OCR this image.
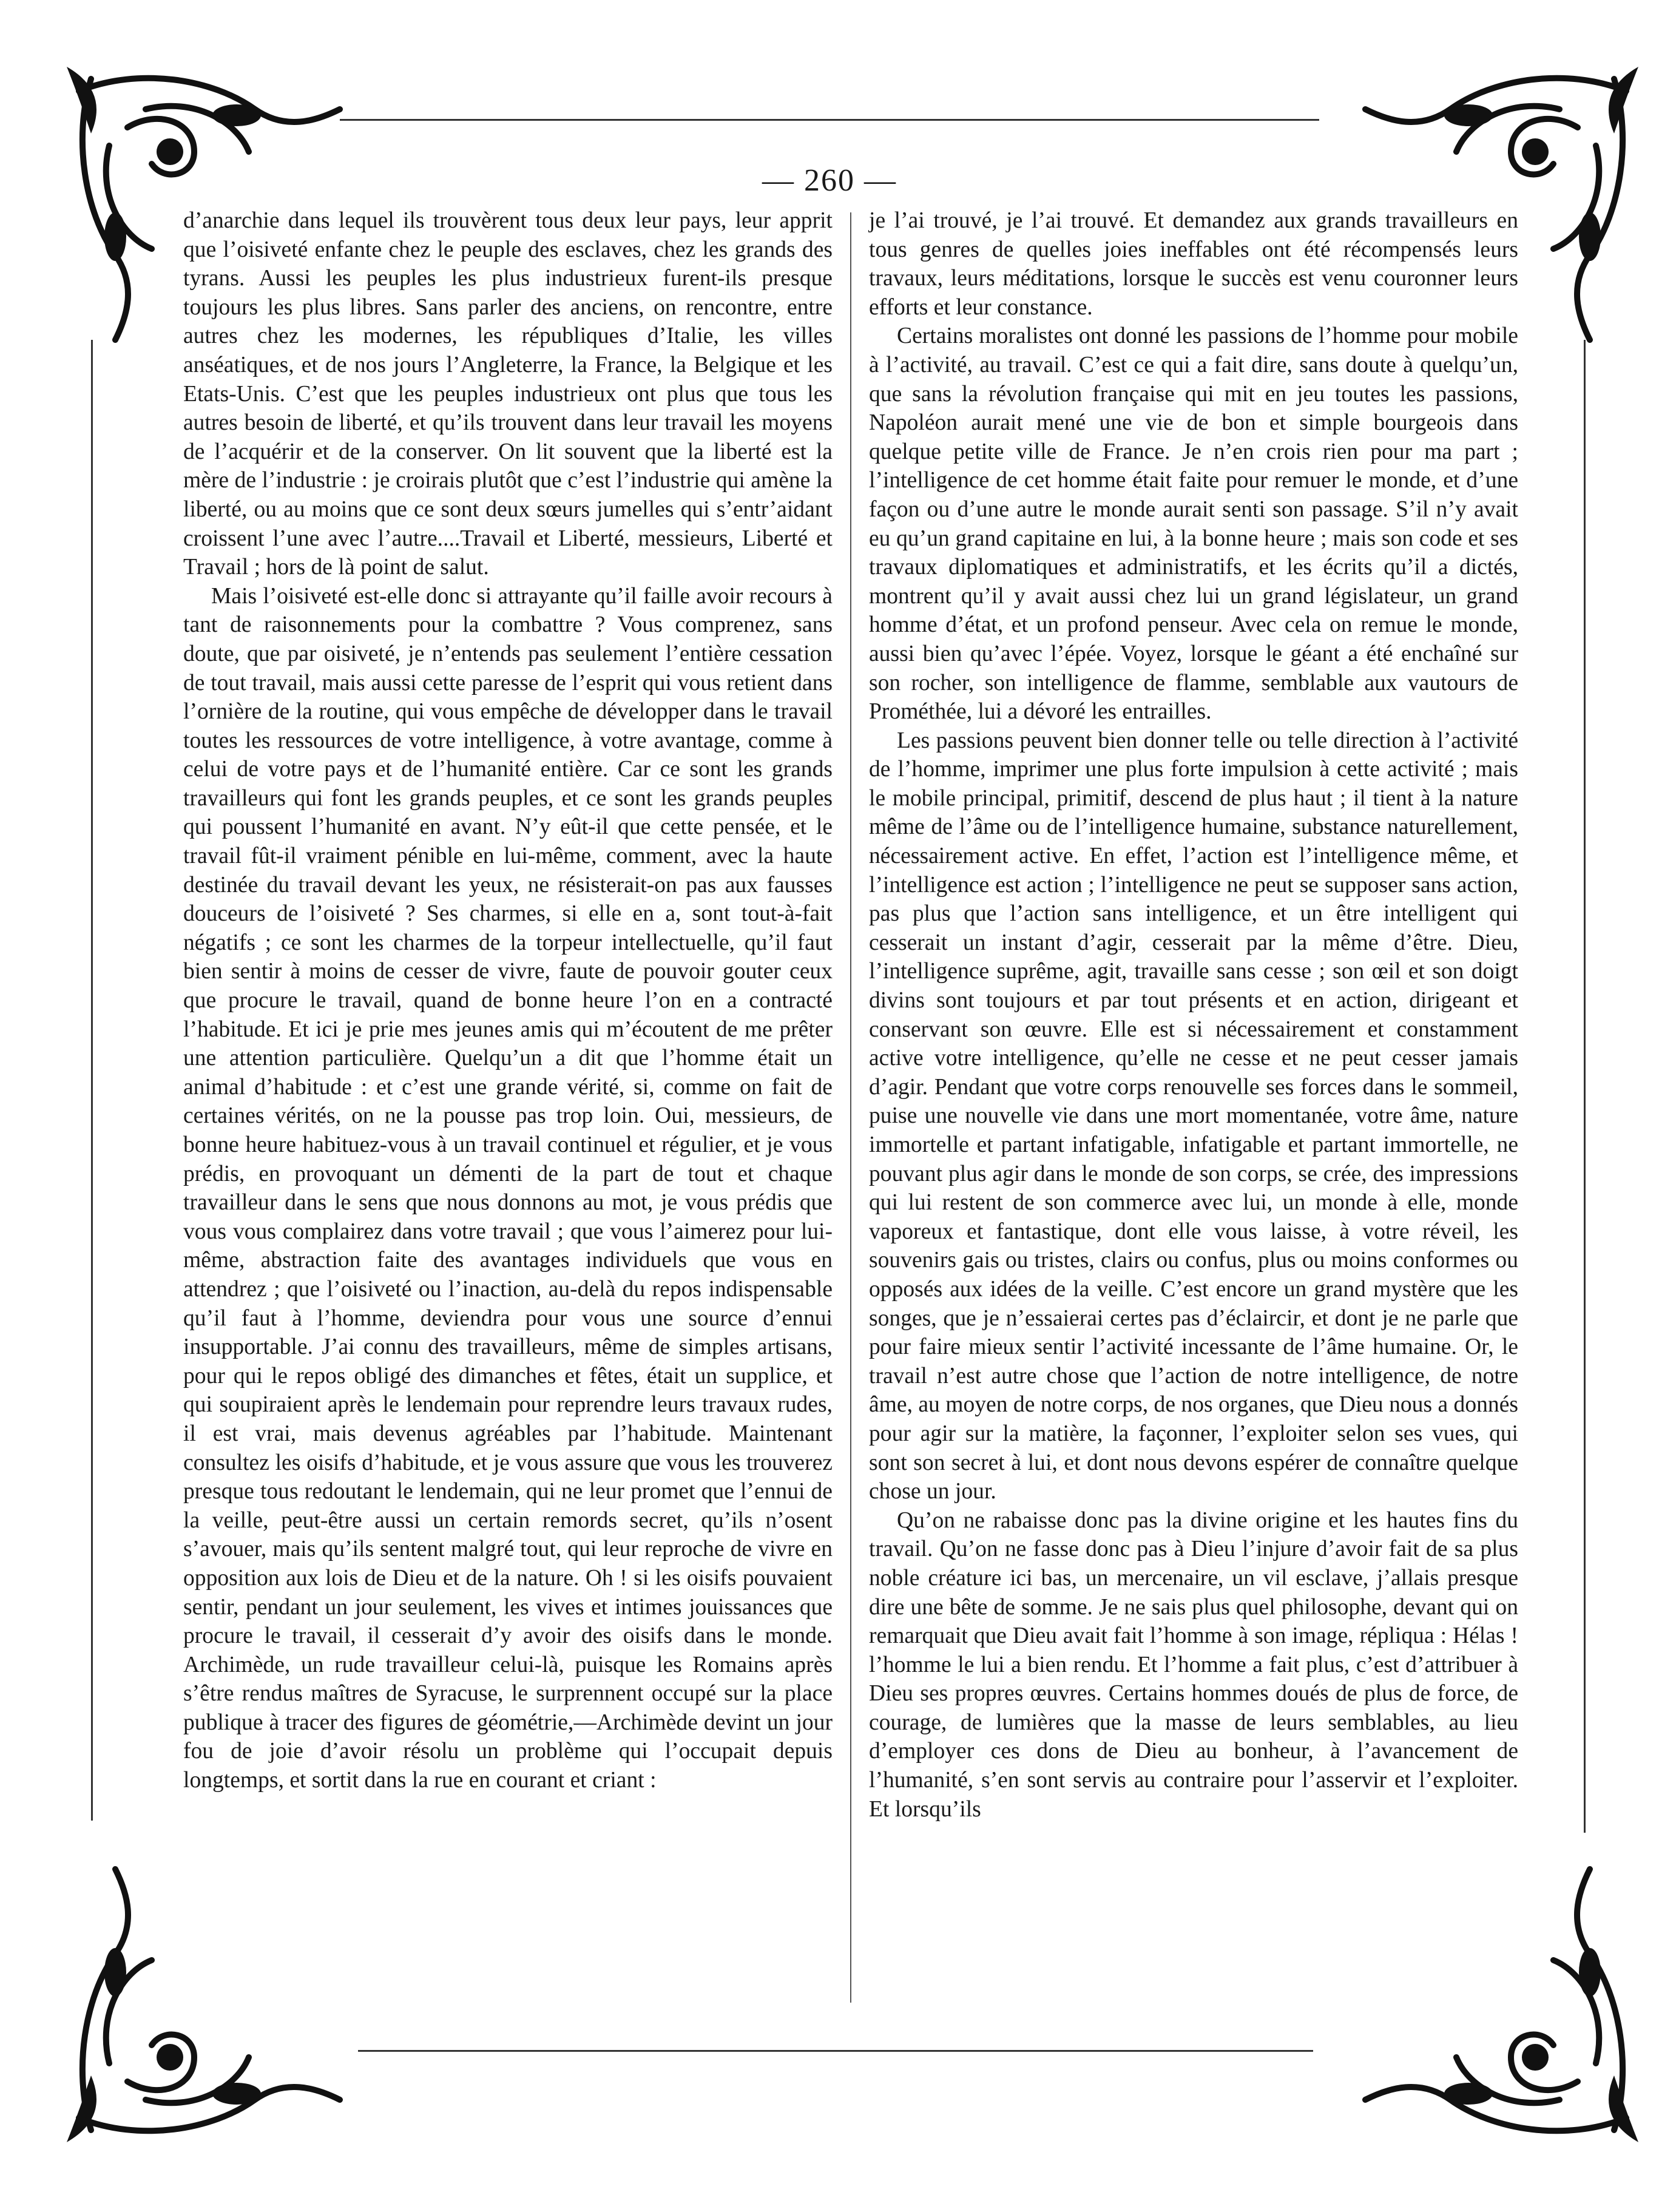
— 260 —

d’anarchie dans lequel ils trouvèrent tous deux leur pays, leur apprit que l’oisiveté enfante chez le peuple des esclaves, chez les grands des tyrans. Aussi les peuples les plus industrieux furent-ils presque toujours les plus libres. Sans parler des anciens, on rencontre, entre autres chez les modernes, les républiques d’Italie, les villes anséatiques, et de nos jours l’Angleterre, la France, la Belgique et les Etats-Unis. C’est que les peuples industrieux ont plus que tous les autres besoin de liberté, et qu’ils trouvent dans leur travail les moyens de l’acquérir et de la conserver. On lit souvent que la liberté est la mère de l’industrie : je croirais plutôt que c’est l’industrie qui amène la liberté, ou au moins que ce sont deux sœurs jumelles qui s’entr’aidant croissent l’une avec l’autre....Travail et Liberté, messieurs, Liberté et Travail ; hors de là point de salut.

Mais l’oisiveté est-elle donc si attrayante qu’il faille avoir recours à tant de raisonnements pour la combattre ? Vous comprenez, sans doute, que par oisiveté, je n’entends pas seulement l’entière cessation de tout travail, mais aussi cette paresse de l’esprit qui vous retient dans l’ornière de la routine, qui vous empêche de développer dans le travail toutes les ressources de votre intelligence, à votre avantage, comme à celui de votre pays et de l’humanité entière. Car ce sont les grands travailleurs qui font les grands peuples, et ce sont les grands peuples qui poussent l’humanité en avant. N’y eût-il que cette pensée, et le travail fût-il vraiment pénible en lui-même, comment, avec la haute destinée du travail devant les yeux, ne résisterait-on pas aux fausses douceurs de l’oisiveté ? Ses charmes, si elle en a, sont tout-à-fait négatifs ; ce sont les charmes de la torpeur intellectuelle, qu’il faut bien sentir à moins de cesser de vivre, faute de pouvoir gouter ceux que procure le travail, quand de bonne heure l’on en a contracté l’habitude. Et ici je prie mes jeunes amis qui m’écoutent de me prêter une attention particulière. Quelqu’un a dit que l’homme était un animal d’habitude : et c’est une grande vérité, si, comme on fait de certaines vérités, on ne la pousse pas trop loin. Oui, messieurs, de bonne heure habituez-vous à un travail continuel et régulier, et je vous prédis, en provoquant un démenti de la part de tout et chaque travailleur dans le sens que nous donnons au mot, je vous prédis que vous vous complairez dans votre travail ; que vous l’aimerez pour lui-même, abstraction faite des avantages individuels que vous en attendrez ; que l’oisiveté ou l’inaction, au-delà du repos indispensable qu’il faut à l’homme, deviendra pour vous une source d’ennui insupportable. J’ai connu des travailleurs, même de simples artisans, pour qui le repos obligé des dimanches et fêtes, était un supplice, et qui soupiraient après le lendemain pour reprendre leurs travaux rudes, il est vrai, mais devenus agréables par l’habitude. Maintenant consultez les oisifs d’habitude, et je vous assure que vous les trouverez presque tous redoutant le lendemain, qui ne leur promet que l’ennui de la veille, peut-être aussi un certain remords secret, qu’ils n’osent s’avouer, mais qu’ils sentent malgré tout, qui leur reproche de vivre en opposition aux lois de Dieu et de la nature. Oh ! si les oisifs pouvaient sentir, pendant un jour seulement, les vives et intimes jouissances que procure le travail, il cesserait d’y avoir des oisifs dans le monde. Archimède, un rude travailleur celui-là, puisque les Romains après s’être rendus maîtres de Syracuse, le surprennent occupé sur la place publique à tracer des figures de géométrie,—Archimède devint un jour fou de joie d’avoir résolu un problème qui l’occupait depuis longtemps, et sortit dans la rue en courant et criant :

je l’ai trouvé, je l’ai trouvé. Et demandez aux grands travailleurs en tous genres de quelles joies ineffables ont été récompensés leurs travaux, leurs méditations, lorsque le succès est venu couronner leurs efforts et leur constance.

Certains moralistes ont donné les passions de l’homme pour mobile à l’activité, au travail. C’est ce qui a fait dire, sans doute à quelqu’un, que sans la révolution française qui mit en jeu toutes les passions, Napoléon aurait mené une vie de bon et simple bourgeois dans quelque petite ville de France. Je n’en crois rien pour ma part ; l’intelligence de cet homme était faite pour remuer le monde, et d’une façon ou d’une autre le monde aurait senti son passage. S’il n’y avait eu qu’un grand capitaine en lui, à la bonne heure ; mais son code et ses travaux diplomatiques et administratifs, et les écrits qu’il a dictés, montrent qu’il y avait aussi chez lui un grand législateur, un grand homme d’état, et un profond penseur. Avec cela on remue le monde, aussi bien qu’avec l’épée. Voyez, lorsque le géant a été enchaîné sur son rocher, son intelligence de flamme, semblable aux vautours de Prométhée, lui a dévoré les entrailles.

Les passions peuvent bien donner telle ou telle direction à l’activité de l’homme, imprimer une plus forte impulsion à cette activité ; mais le mobile principal, primitif, descend de plus haut ; il tient à la nature même de l’âme ou de l’intelligence humaine, substance naturellement, nécessairement active. En effet, l’action est l’intelligence même, et l’intelligence est action ; l’intelligence ne peut se supposer sans action, pas plus que l’action sans intelligence, et un être intelligent qui cesserait un instant d’agir, cesserait par la même d’être. Dieu, l’intelligence suprême, agit, travaille sans cesse ; son œil et son doigt divins sont toujours et par tout présents et en action, dirigeant et conservant son œuvre. Elle est si nécessairement et constamment active votre intelligence, qu’elle ne cesse et ne peut cesser jamais d’agir. Pendant que votre corps renouvelle ses forces dans le sommeil, puise une nouvelle vie dans une mort momentanée, votre âme, nature immortelle et partant infatigable, infatigable et partant immortelle, ne pouvant plus agir dans le monde de son corps, se crée, des impressions qui lui restent de son commerce avec lui, un monde à elle, monde vaporeux et fantastique, dont elle vous laisse, à votre réveil, les souvenirs gais ou tristes, clairs ou confus, plus ou moins conformes ou opposés aux idées de la veille. C’est encore un grand mystère que les songes, que je n’essaierai certes pas d’éclaircir, et dont je ne parle que pour faire mieux sentir l’activité incessante de l’âme humaine. Or, le travail n’est autre chose que l’action de notre intelligence, de notre âme, au moyen de notre corps, de nos organes, que Dieu nous a donnés pour agir sur la matière, la façonner, l’exploiter selon ses vues, qui sont son secret à lui, et dont nous devons espérer de connaître quelque chose un jour.

Qu’on ne rabaisse donc pas la divine origine et les hautes fins du travail. Qu’on ne fasse donc pas à Dieu l’injure d’avoir fait de sa plus noble créature ici bas, un mercenaire, un vil esclave, j’allais presque dire une bête de somme. Je ne sais plus quel philosophe, devant qui on remarquait que Dieu avait fait l’homme à son image, répliqua : Hélas ! l’homme le lui a bien rendu. Et l’homme a fait plus, c’est d’attribuer à Dieu ses propres œuvres. Certains hommes doués de plus de force, de courage, de lumières que la masse de leurs semblables, au lieu d’employer ces dons de Dieu au bonheur, à l’avancement de l’humanité, s’en sont servis au contraire pour l’asservir et l’exploiter. Et lorsqu’ils
